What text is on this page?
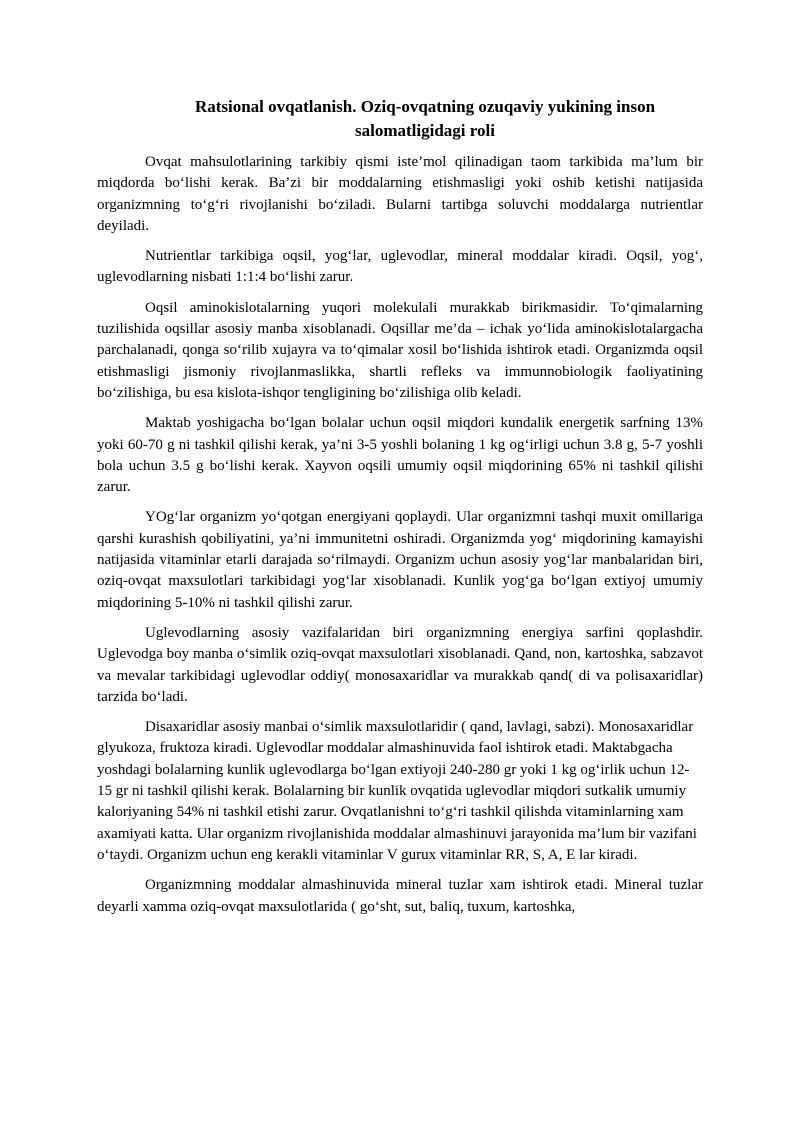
Ratsional ovqatlanish. Oziq-ovqatning ozuqaviy yukining inson
salomatligidagi roli

Ovqat mahsulotlarining tarkibiy qismi iste’mol qilinadigan taom tarkibida ma’lum bir miqdorda bo‘lishi kerak. Ba’zi bir moddalarning etishmasligi yoki oshib ketishi natijasida organizmning to‘g‘ri rivojlanishi bo‘ziladi. Bularni tartibga soluvchi moddalarga nutrientlar deyiladi.

Nutrientlar tarkibiga oqsil, yog‘lar, uglevodlar, mineral moddalar kiradi. Oqsil, yog‘, uglevodlarning nisbati 1:1:4 bo‘lishi zarur.

Oqsil aminokislotalarning yuqori molekulali murakkab birikmasidir. To‘qimalarning tuzilishida oqsillar asosiy manba xisoblanadi. Oqsillar me’da – ichak yo‘lida aminokislotalargacha parchalanadi, qonga so‘rilib xujayra va to‘qimalar xosil bo‘lishida ishtirok etadi. Organizmda oqsil etishmasligi jismoniy rivojlanmaslikka, shartli refleks va immunnobiologik faoliyatining bo‘zilishiga, bu esa kislota-ishqor tengligining bo‘zilishiga olib keladi.

Maktab yoshigacha bo‘lgan bolalar uchun oqsil miqdori kundalik energetik sarfning 13% yoki 60-70 g ni tashkil qilishi kerak, ya’ni 3-5 yoshli bolaning 1 kg og‘irligi uchun 3.8 g, 5-7 yoshli bola uchun 3.5 g bo‘lishi kerak. Xayvon oqsili umumiy oqsil miqdorining 65% ni tashkil qilishi zarur.

YOg‘lar organizm yo‘qotgan energiyani qoplaydi. Ular organizmni tashqi muxit omillariga qarshi kurashish qobiliyatini, ya’ni immunitetni oshiradi. Organizmda yog‘ miqdorining kamayishi natijasida vitaminlar etarli darajada so‘rilmaydi. Organizm uchun asosiy yog‘lar manbalaridan biri, oziq-ovqat maxsulotlari tarkibidagi yog‘lar xisoblanadi. Kunlik yog‘ga bo‘lgan extiyoj umumiy miqdorining 5-10% ni tashkil qilishi zarur.

Uglevodlarning asosiy vazifalaridan biri organizmning energiya sarfini qoplashdir. Uglevodga boy manba o‘simlik oziq-ovqat maxsulotlari xisoblanadi. Qand, non, kartoshka, sabzavot va mevalar tarkibidagi uglevodlar oddiy( monosaxaridlar va murakkab qand( di va polisaxaridlar) tarzida bo‘ladi.

Disaxaridlar asosiy manbai o‘simlik maxsulotlaridir ( qand, lavlagi, sabzi). Monosaxaridlar glyukoza, fruktoza kiradi. Uglevodlar moddalar almashinuvida faol ishtirok etadi. Maktabgacha yoshdagi bolalarning kunlik uglevodlarga bo‘lgan extiyoji 240-280 gr yoki 1 kg og‘irlik uchun 12-15 gr ni tashkil qilishi kerak. Bolalarning bir kunlik ovqatida uglevodlar miqdori sutkalik umumiy kaloriyaning 54% ni tashkil etishi zarur. Ovqatlanishni to‘g‘ri tashkil qilishda vitaminlarning xam axamiyati katta. Ular organizm rivojlanishida moddalar almashinuvi jarayonida ma’lum bir vazifani o‘taydi. Organizm uchun eng kerakli vitaminlar V gurux vitaminlar RR, S, A, E lar kiradi.

Organizmning moddalar almashinuvida mineral tuzlar xam ishtirok etadi. Mineral tuzlar deyarli xamma oziq-ovqat maxsulotlarida ( go‘sht, sut, baliq, tuxum, kartoshka,
